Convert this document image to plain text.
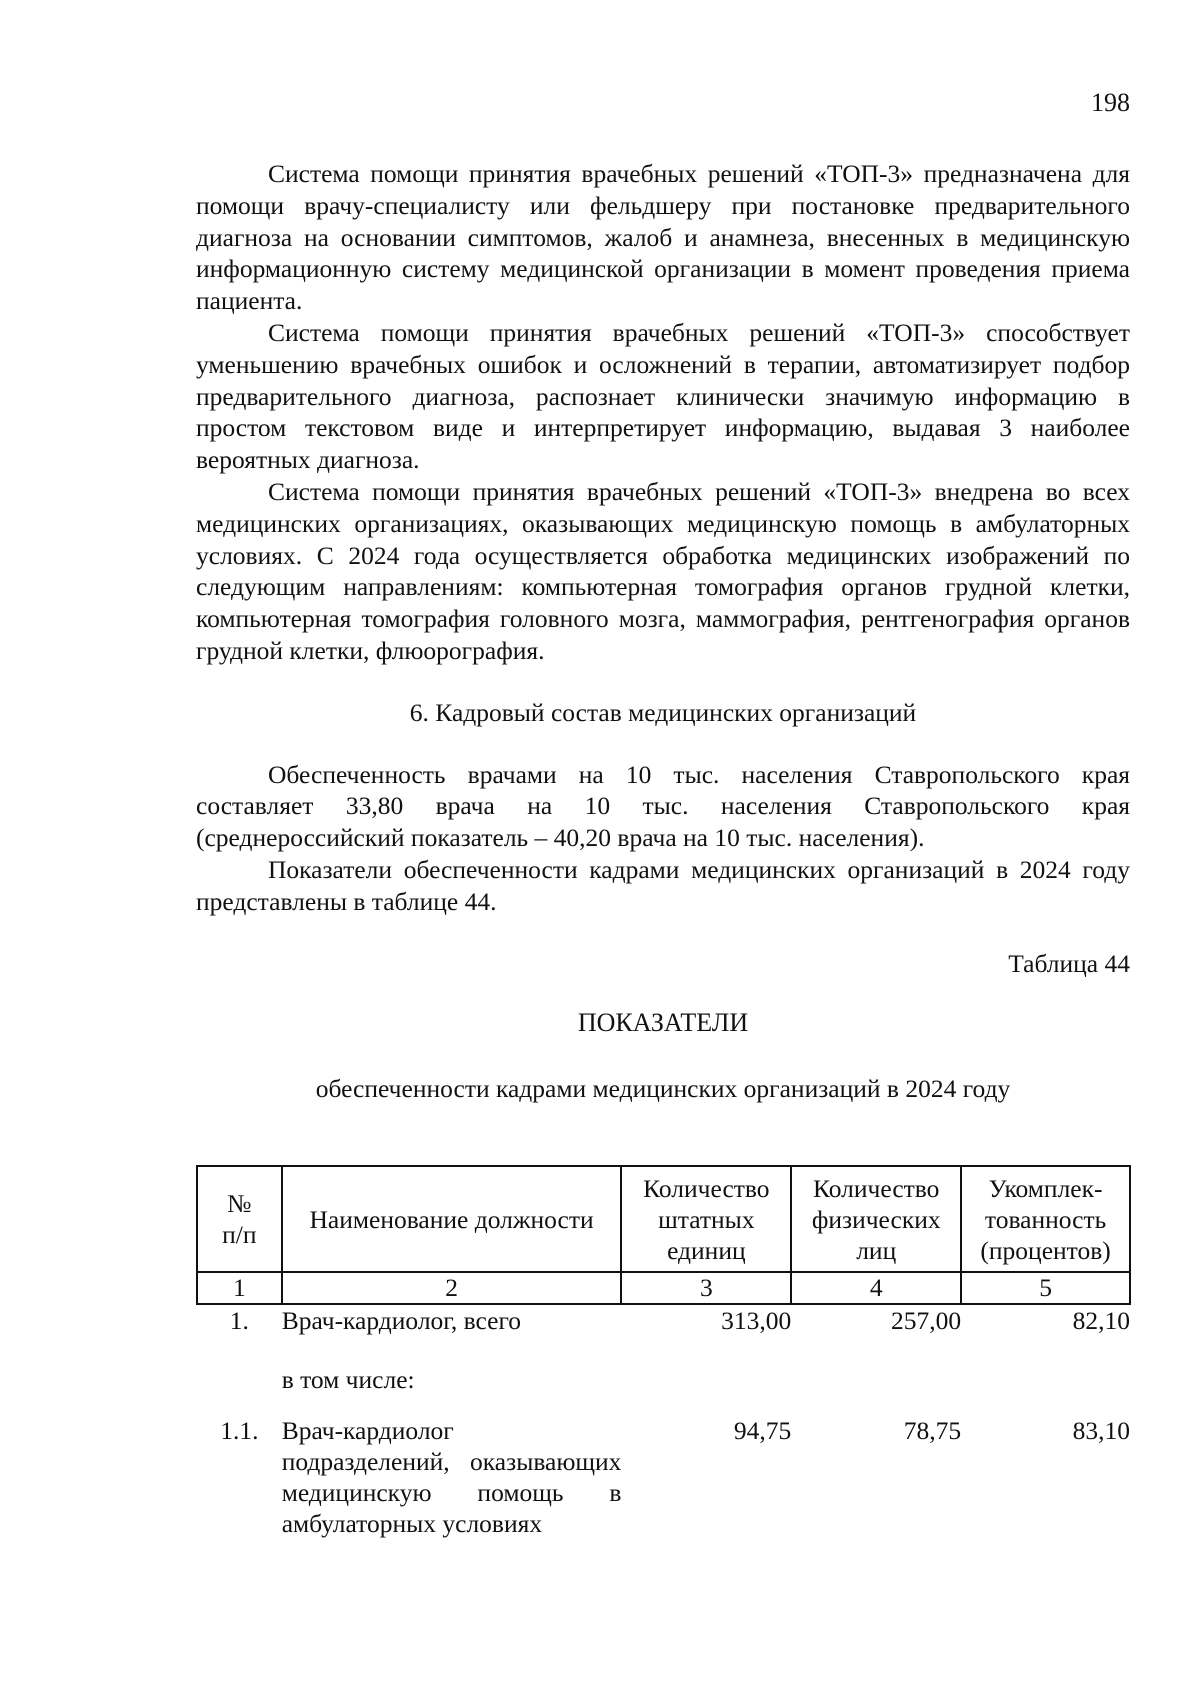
198

Система помощи принятия врачебных решений «ТОП-3» предназначена для помощи врачу-специалисту или фельдшеру при постановке предварительного диагноза на основании симптомов, жалоб и анамнеза, внесенных в медицинскую информационную систему медицинской организации в момент проведения приема пациента.

Система помощи принятия врачебных решений «ТОП-3» способствует уменьшению врачебных ошибок и осложнений в терапии, автоматизирует подбор предварительного диагноза, распознает клинически значимую информацию в простом текстовом виде и интерпретирует информацию, выдавая 3 наиболее вероятных диагноза.

Система помощи принятия врачебных решений «ТОП-3» внедрена во всех медицинских организациях, оказывающих медицинскую помощь в амбулаторных условиях. С 2024 года осуществляется обработка медицинских изображений по следующим направлениям: компьютерная томография органов грудной клетки, компьютерная томография головного мозга, маммография, рентгенография органов грудной клетки, флюорография.

6. Кадровый состав медицинских организаций

Обеспеченность врачами на 10 тыс. населения Ставропольского края составляет 33,80 врача на 10 тыс. населения Ставропольского края (среднероссийский показатель – 40,20 врача на 10 тыс. населения).

Показатели обеспеченности кадрами медицинских организаций в 2024 году представлены в таблице 44.

Таблица 44

ПОКАЗАТЕЛИ

обеспеченности кадрами медицинских организаций в 2024 году

№ п/п	Наименование должности	Количество штатных единиц	Количество физических лиц	Укомплек-тованность (процентов)
1	2	3	4	5
1.	Врач-кардиолог, всего	313,00	257,00	82,10
	в том числе:			
1.1.	Врач-кардиолог подразделений, оказывающих медицинскую помощь в амбулаторных условиях	94,75	78,75	83,10
